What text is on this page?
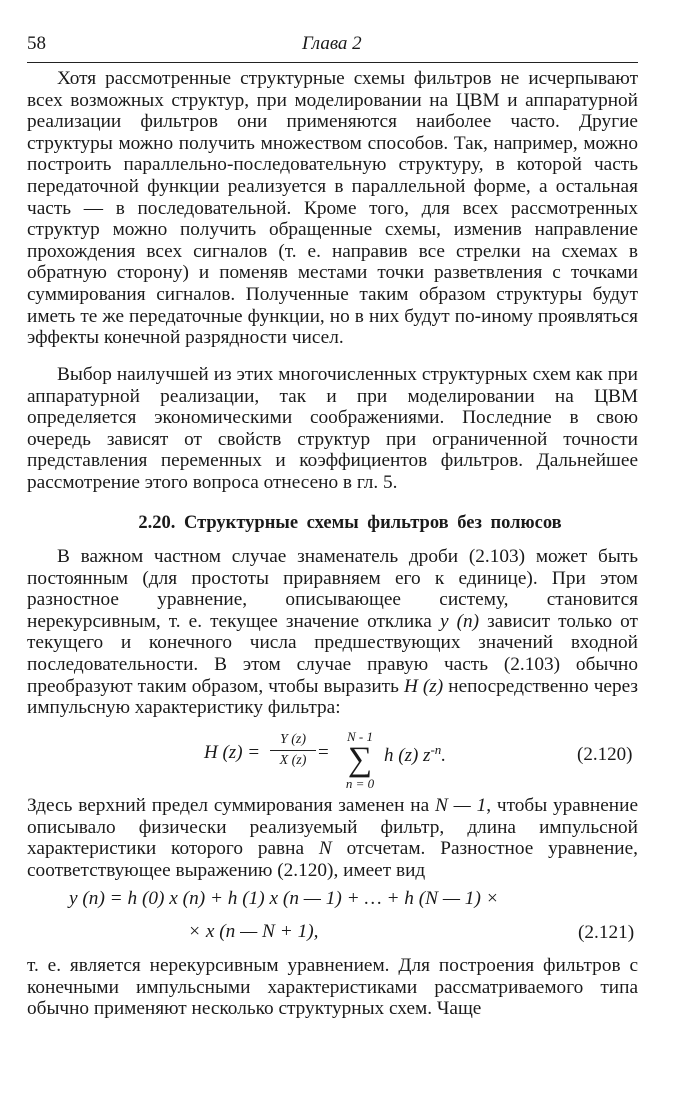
58	Глава 2

Хотя рассмотренные структурные схемы фильтров не исчерпывают всех возможных структур, при моделировании на ЦВМ и аппаратурной реализации фильтров они применяются наиболее часто. Другие структуры можно получить множеством способов. Так, например, можно построить параллельно-последовательную структуру, в которой часть передаточной функции реализуется в параллельной форме, а остальная часть — в последовательной. Кроме того, для всех рассмотренных структур можно получить обращенные схемы, изменив направление прохождения всех сигналов (т. е. направив все стрелки на схемах в обратную сторону) и поменяв местами точки разветвления с точками суммирования сигналов. Полученные таким образом структуры будут иметь те же передаточные функции, но в них будут по-иному проявляться эффекты конечной разрядности чисел.

Выбор наилучшей из этих многочисленных структурных схем как при аппаратурной реализации, так и при моделировании на ЦВМ определяется экономическими соображениями. Последние в свою очередь зависят от свойств структур при ограниченной точности представления переменных и коэффициентов фильтров. Дальнейшее рассмотрение этого вопроса отнесено в гл. 5.

2.20. Структурные схемы фильтров без полюсов

В важном частном случае знаменатель дроби (2.103) может быть постоянным (для простоты приравняем его к единице). При этом разностное уравнение, описывающее систему, становится нерекурсивным, т. е. текущее значение отклика y (n) зависит только от текущего и конечного числа предшествующих значений входной последовательности. В этом случае правую часть (2.103) обычно преобразуют таким образом, чтобы выразить H (z) непосредственно через импульсную характеристику фильтра:

H (z) =
Y (z)
X (z) =
N - 1
∑
n = 0
h (z) $z^{-n}$.	(2.120)

Здесь верхний предел суммирования заменен на N — 1, чтобы уравнение описывало физически реализуемый фильтр, длина импульсной характеристики которого равна N отсчетам. Разностное уравнение, соответствующее выражению (2.120), имеет вид

y (n) = h (0) x (n) + h (1) x (n — 1) + … + h (N — 1) ×
× x (n — N + 1),	(2.121)

т. е. является нерекурсивным уравнением. Для построения фильтров с конечными импульсными характеристиками рассматриваемого типа обычно применяют несколько структурных схем. Чаще
